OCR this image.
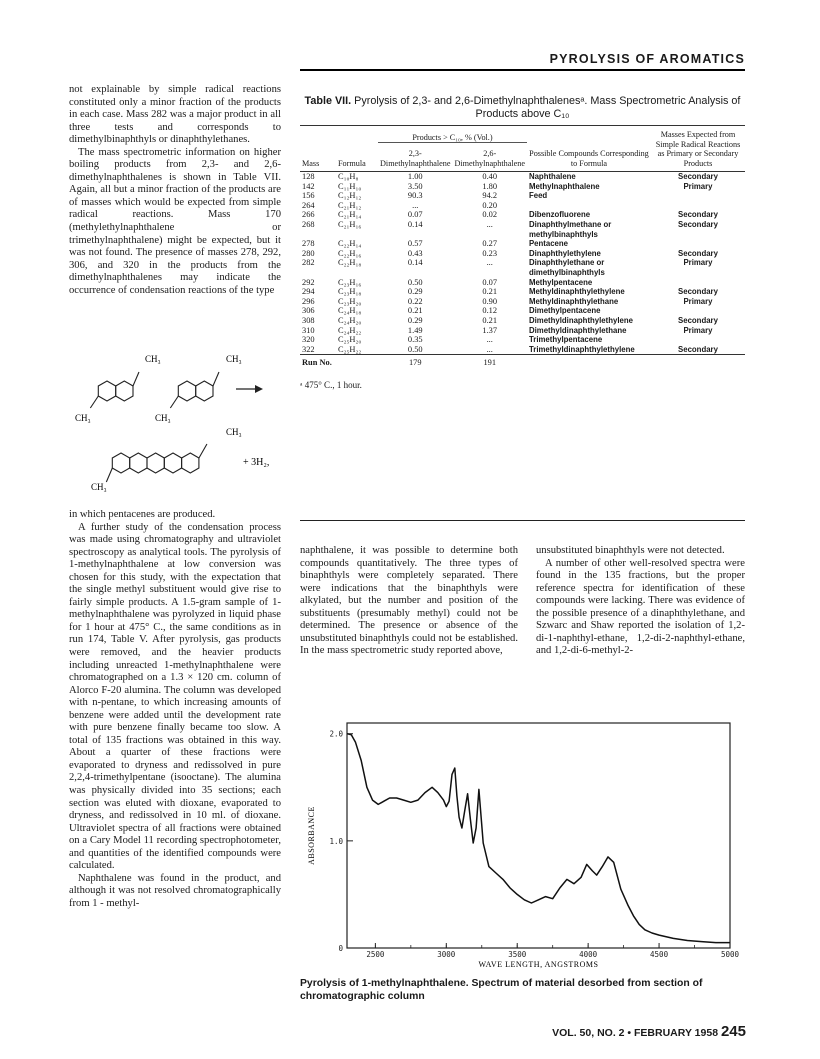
PYROLYSIS OF AROMATICS

not explainable by simple radical reactions constituted only a minor fraction of the products in each case. Mass 282 was a major product in all three tests and corresponds to dimethylbinaphthyls or dinaphthylethanes.

The mass spectrometric information on higher boiling products from 2,3- and 2,6-dimethylnaphthalenes is shown in Table VII. Again, all but a minor fraction of the products are of masses which would be expected from simple radical reactions. Mass 170 (methylethylnaphthalene or trimethylnaphthalene) might be expected, but it was not found. The presence of masses 278, 292, 306, and 320 in the products from the dimethylnaphthalenes may indicate the occurrence of condensation reactions of the type

CH₃
CH₃
CH₃
CH₃
CH₃
CH₃
+ 3H₂,

in which pentacenes are produced.

A further study of the condensation process was made using chromatography and ultraviolet spectroscopy as analytical tools. The pyrolysis of 1-methylnaphthalene at low conversion was chosen for this study, with the expectation that the single methyl substituent would give rise to fairly simple products. A 1.5-gram sample of 1-methylnaphthalene was pyrolyzed in liquid phase for 1 hour at 475° C., the same conditions as in run 174, Table V. After pyrolysis, gas products were removed, and the heavier products including unreacted 1-methylnaphthalene were chromatographed on a 1.3 × 120 cm. column of Alorco F-20 alumina. The column was developed with n-pentane, to which increasing amounts of benzene were added until the development rate with pure benzene finally became too slow. A total of 135 fractions was obtained in this way. About a quarter of these fractions were evaporated to dryness and redissolved in pure 2,2,4-trimethylpentane (isooctane). The alumina was physically divided into 35 sections; each section was eluted with dioxane, evaporated to dryness, and redissolved in 10 ml. of dioxane. Ultraviolet spectra of all fractions were obtained on a Cary Model 11 recording spectrophotometer, and quantities of the identified compounds were calculated.

Naphthalene was found in the product, and although it was not resolved chromatographically from 1 - methyl-

Table VII. Pyrolysis of 2,3- and 2,6-Dimethylnaphthalenesᵃ. Mass Spectrometric Analysis of Products above C₁₀
Mass	Formula	Products > C₁₀, % (Vol.)		Possible Compounds Corresponding to Formula	Masses Expected from Simple Radical Reactions as Primary or Secondary Products
		2,3-Dimethylnaphthalene	2,6-Dimethylnaphthalene		

128	C₁₀H₈	1.00	0.40	Naphthalene	Secondary
142	C₁₁H₁₀	3.50	1.80	Methylnaphthalene	Primary
156	C₁₂H₁₂	90.3	94.2	Feed	
264	C₂₁H₁₂	...	0.20		
266	C₂₁H₁₄	0.07	0.02	Dibenzofluorene	Secondary
268	C₂₁H₁₆	0.14	...	Dinaphthylmethane or methylbinaphthyls	Secondary
278	C₂₂H₁₄	0.57	0.27	Pentacene	
280	C₂₂H₁₆	0.43	0.23	Dinaphthylethylene	Secondary
282	C₂₂H₁₈	0.14	...	Dinaphthylethane or dimethylbinaphthyls	Primary
292	C₂₃H₁₆	0.50	0.07	Methylpentacene	
294	C₂₃H₁₈	0.29	0.21	Methyldinaphthylethylene	Secondary
296	C₂₃H₂₀	0.22	0.90	Methyldinaphthylethane	Primary
306	C₂₄H₁₈	0.21	0.12	Dimethylpentacene	
308	C₂₄H₂₀	0.29	0.21	Dimethyldinaphthylethylene	Secondary
310	C₂₄H₂₂	1.49	1.37	Dimethyldinaphthylethane	Primary
320	C₂₅H₂₀	0.35	...	Trimethylpentacene	
322	C₂₅H₂₂	0.50	...	Trimethyldinaphthylethylene	Secondary
Run No.		179	191		
ᵃ 475° C., 1 hour.

naphthalene, it was possible to determine both compounds quantitatively. The three types of binaphthyls were completely separated. There were indications that the binaphthyls were alkylated, but the number and position of the substituents (presumably methyl) could not be determined. The presence or absence of the unsubstituted binaphthyls could not be established. In the mass spectrometric study reported above,

unsubstituted binaphthyls were not detected.

A number of other well-resolved spectra were found in the 135 fractions, but the proper reference spectra for identification of these compounds were lacking. There was evidence of the possible presence of a dinaphthylethane, and Szwarc and Shaw reported the isolation of 1,2-di-1-naphthyl-ethane, 1,2-di-2-naphthyl-ethane, and 1,2-di-6-methyl-2-

0
1.0
2.0
2500	3000	3500	4000	4500	5000
WAVE LENGTH, ANGSTROMS
ABSORBANCE
Pyrolysis of 1-methylnaphthalene. Spectrum of material desorbed from section of chromatographic column
VOL. 50, NO. 2 • FEBRUARY 1958 245
